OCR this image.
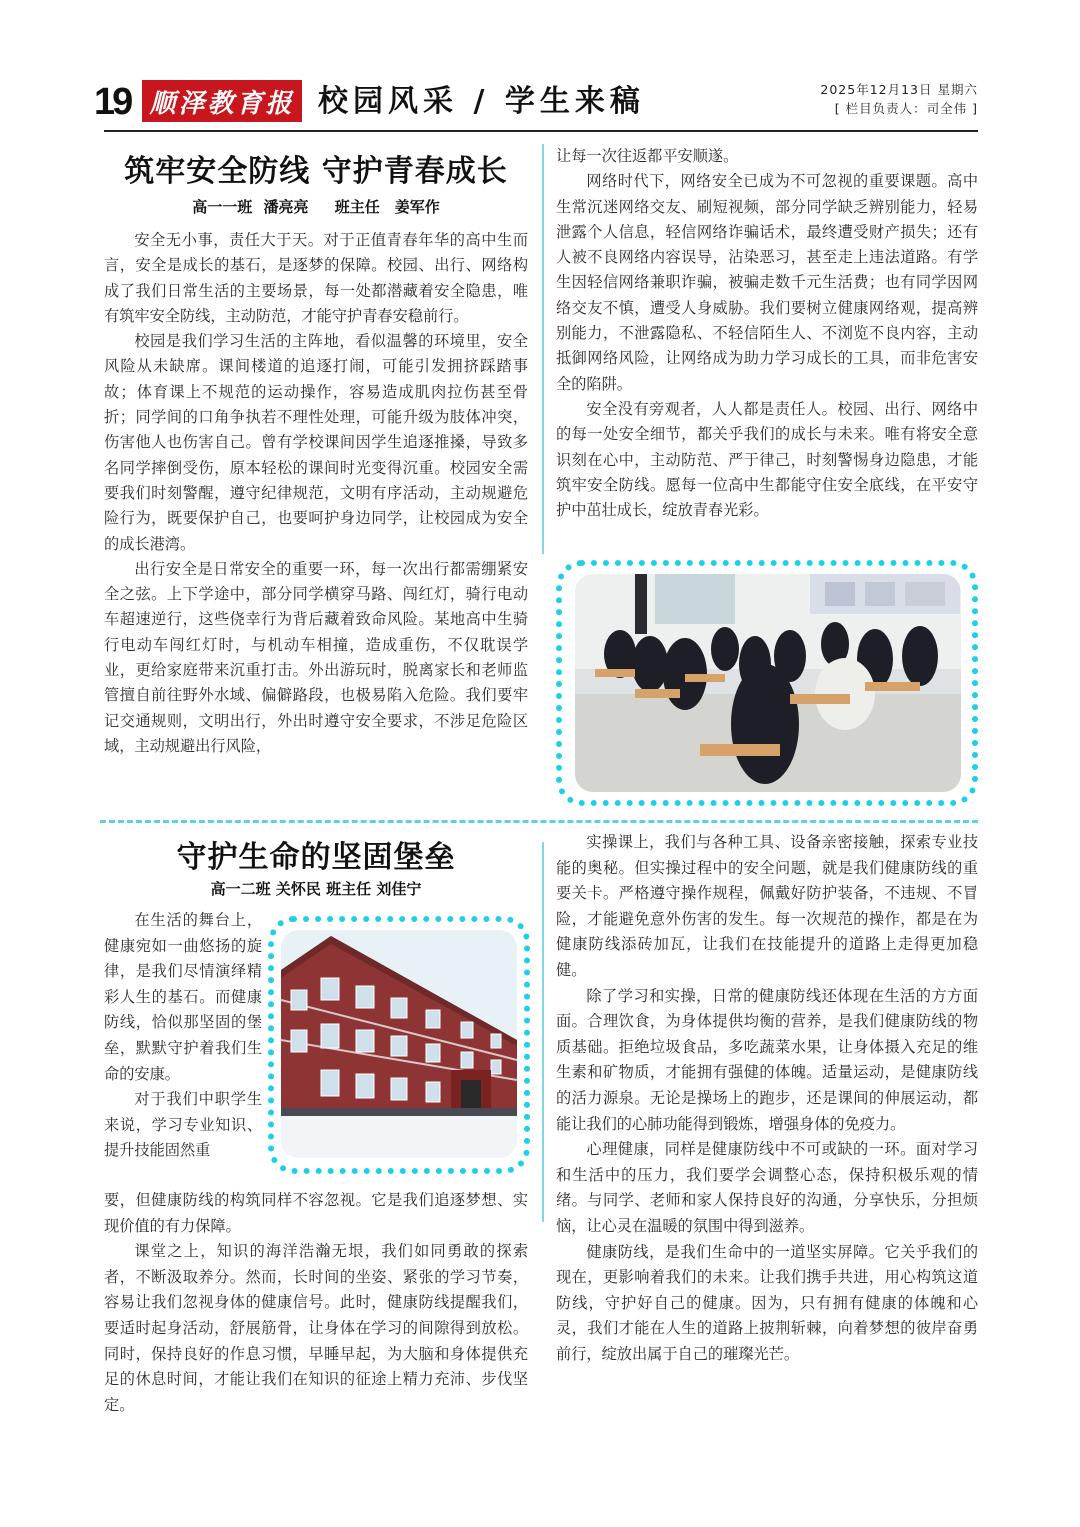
19 顺泽教育报 校园风采 / 学生来稿	2025年12月13日 星期六
[ 栏目负责人：司全伟 ]
筑牢安全防线 守护青春成长
高一一班 潘亮亮　 班主任　姜军作

安全无小事，责任大于天。对于正值青春年华的高中生而言，安全是成长的基石，是逐梦的保障。校园、出行、网络构成了我们日常生活的主要场景，每一处都潜藏着安全隐患，唯有筑牢安全防线，主动防范，才能守护青春安稳前行。

校园是我们学习生活的主阵地，看似温馨的环境里，安全风险从未缺席。课间楼道的追逐打闹，可能引发拥挤踩踏事故；体育课上不规范的运动操作，容易造成肌肉拉伤甚至骨折；同学间的口角争执若不理性处理，可能升级为肢体冲突，伤害他人也伤害自己。曾有学校课间因学生追逐推搡，导致多名同学摔倒受伤，原本轻松的课间时光变得沉重。校园安全需要我们时刻警醒，遵守纪律规范，文明有序活动，主动规避危险行为，既要保护自己，也要呵护身边同学，让校园成为安全的成长港湾。

出行安全是日常安全的重要一环，每一次出行都需绷紧安全之弦。上下学途中，部分同学横穿马路、闯红灯，骑行电动车超速逆行，这些侥幸行为背后藏着致命风险。某地高中生骑行电动车闯红灯时，与机动车相撞，造成重伤，不仅耽误学业，更给家庭带来沉重打击。外出游玩时，脱离家长和老师监管擅自前往野外水域、偏僻路段，也极易陷入危险。我们要牢记交通规则，文明出行，外出时遵守安全要求，不涉足危险区域，主动规避出行风险，

让每一次往返都平安顺遂。

网络时代下，网络安全已成为不可忽视的重要课题。高中生常沉迷网络交友、刷短视频，部分同学缺乏辨别能力，轻易泄露个人信息，轻信网络诈骗话术，最终遭受财产损失；还有人被不良网络内容误导，沾染恶习，甚至走上违法道路。有学生因轻信网络兼职诈骗，被骗走数千元生活费；也有同学因网络交友不慎，遭受人身威胁。我们要树立健康网络观，提高辨别能力，不泄露隐私、不轻信陌生人、不浏览不良内容，主动抵御网络风险，让网络成为助力学习成长的工具，而非危害安全的陷阱。

安全没有旁观者，人人都是责任人。校园、出行、网络中的每一处安全细节，都关乎我们的成长与未来。唯有将安全意识刻在心中，主动防范、严于律己，时刻警惕身边隐患，才能筑牢安全防线。愿每一位高中生都能守住安全底线，在平安守护中茁壮成长，绽放青春光彩。

守护生命的坚固堡垒
高一二班 关怀民 班主任 刘佳宁

在生活的舞台上，健康宛如一曲悠扬的旋律，是我们尽情演绎精彩人生的基石。而健康防线，恰似那坚固的堡垒，默默守护着我们生命的安康。

对于我们中职学生来说，学习专业知识、提升技能固然重

要，但健康防线的构筑同样不容忽视。它是我们追逐梦想、实现价值的有力保障。

课堂之上，知识的海洋浩瀚无垠，我们如同勇敢的探索者，不断汲取养分。然而，长时间的坐姿、紧张的学习节奏，容易让我们忽视身体的健康信号。此时，健康防线提醒我们，要适时起身活动，舒展筋骨，让身体在学习的间隙得到放松。同时，保持良好的作息习惯，早睡早起，为大脑和身体提供充足的休息时间，才能让我们在知识的征途上精力充沛、步伐坚定。

实操课上，我们与各种工具、设备亲密接触，探索专业技能的奥秘。但实操过程中的安全问题，就是我们健康防线的重要关卡。严格遵守操作规程，佩戴好防护装备，不违规、不冒险，才能避免意外伤害的发生。每一次规范的操作，都是在为健康防线添砖加瓦，让我们在技能提升的道路上走得更加稳健。

除了学习和实操，日常的健康防线还体现在生活的方方面面。合理饮食，为身体提供均衡的营养，是我们健康防线的物质基础。拒绝垃圾食品，多吃蔬菜水果，让身体摄入充足的维生素和矿物质，才能拥有强健的体魄。适量运动，是健康防线的活力源泉。无论是操场上的跑步，还是课间的伸展运动，都能让我们的心肺功能得到锻炼，增强身体的免疫力。

心理健康，同样是健康防线中不可或缺的一环。面对学习和生活中的压力，我们要学会调整心态，保持积极乐观的情绪。与同学、老师和家人保持良好的沟通，分享快乐，分担烦恼，让心灵在温暖的氛围中得到滋养。

健康防线，是我们生命中的一道坚实屏障。它关乎我们的现在，更影响着我们的未来。让我们携手共进，用心构筑这道防线，守护好自己的健康。因为，只有拥有健康的体魄和心灵，我们才能在人生的道路上披荆斩棘，向着梦想的彼岸奋勇前行，绽放出属于自己的璀璨光芒。
